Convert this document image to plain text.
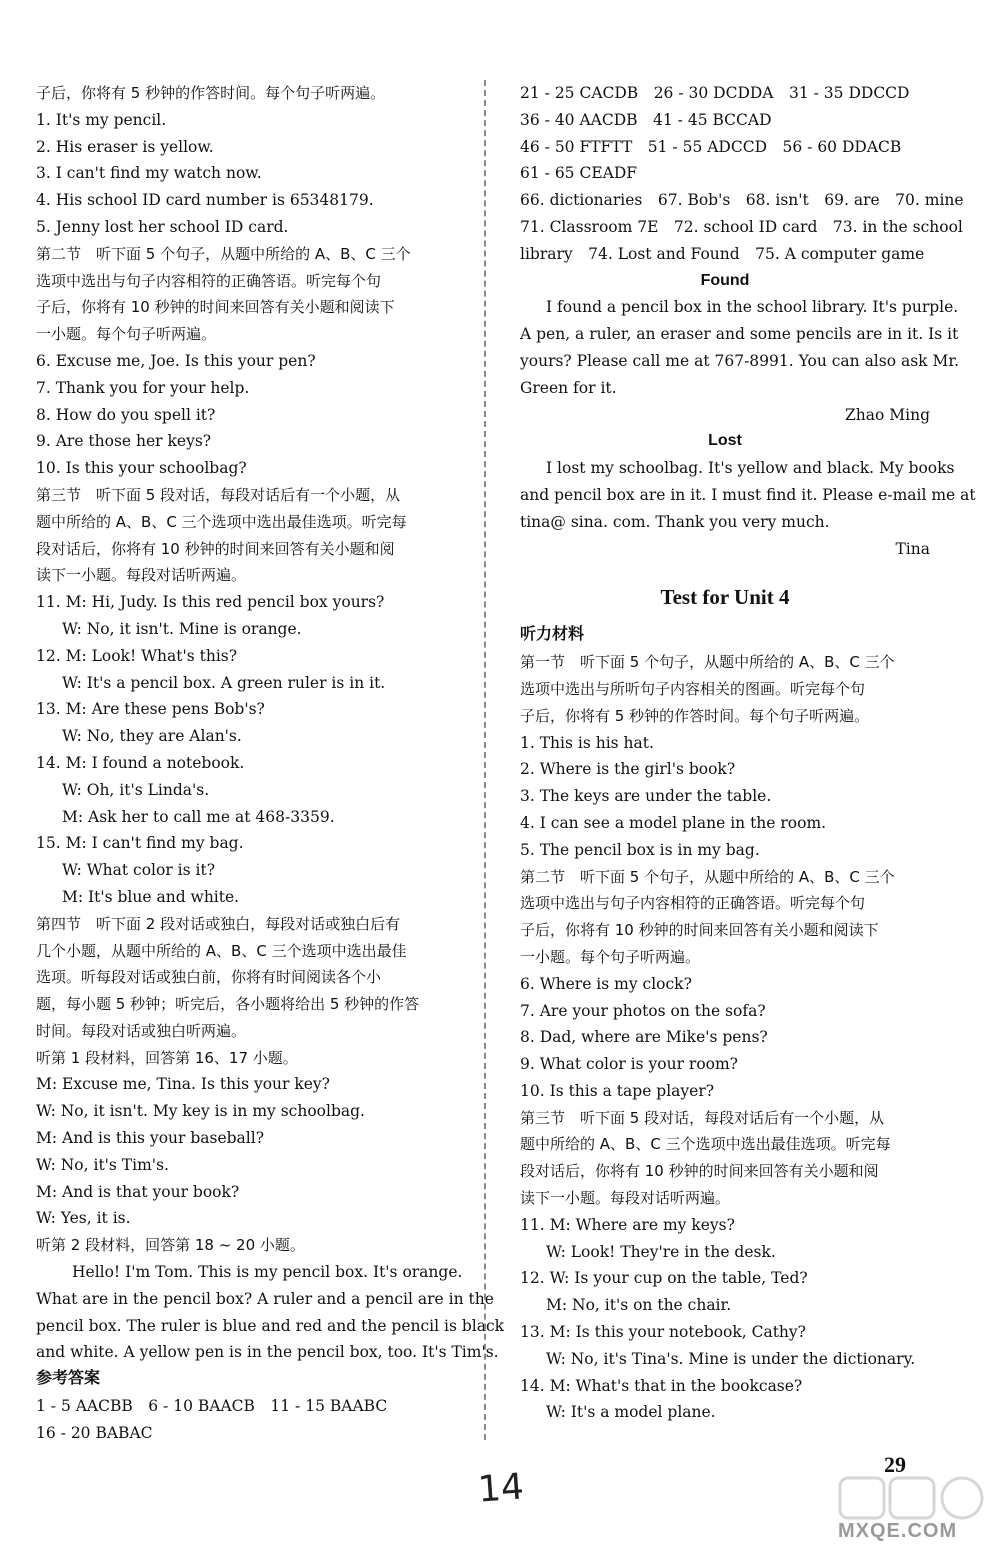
子后，你将有 5 秒钟的作答时间。每个句子听两遍。
1. It's my pencil.
2. His eraser is yellow.
3. I can't find my watch now.
4. His school ID card number is 65348179.
5. Jenny lost her school ID card.
第二节　听下面 5 个句子，从题中所给的 A、B、C 三个
选项中选出与句子内容相符的正确答语。听完每个句
子后，你将有 10 秒钟的时间来回答有关小题和阅读下
一小题。每个句子听两遍。
6. Excuse me, Joe. Is this your pen?
7. Thank you for your help.
8. How do you spell it?
9. Are those her keys?
10. Is this your schoolbag?
第三节　听下面 5 段对话，每段对话后有一个小题，从
题中所给的 A、B、C 三个选项中选出最佳选项。听完每
段对话后，你将有 10 秒钟的时间来回答有关小题和阅
读下一小题。每段对话听两遍。
11. M: Hi, Judy. Is this red pencil box yours?
W: No, it isn't. Mine is orange.
12. M: Look! What's this?
W: It's a pencil box. A green ruler is in it.
13. M: Are these pens Bob's?
W: No, they are Alan's.
14. M: I found a notebook.
W: Oh, it's Linda's.
M: Ask her to call me at 468-3359.
15. M: I can't find my bag.
W: What color is it?
M: It's blue and white.
第四节　听下面 2 段对话或独白，每段对话或独白后有
几个小题，从题中所给的 A、B、C 三个选项中选出最佳
选项。听每段对话或独白前，你将有时间阅读各个小
题，每小题 5 秒钟；听完后，各小题将给出 5 秒钟的作答
时间。每段对话或独白听两遍。
听第 1 段材料，回答第 16、17 小题。
M: Excuse me, Tina. Is this your key?
W: No, it isn't. My key is in my schoolbag.
M: And is this your baseball?
W: No, it's Tim's.
M: And is that your book?
W: Yes, it is.
听第 2 段材料，回答第 18 ~ 20 小题。
Hello! I'm Tom. This is my pencil box. It's orange.
What are in the pencil box? A ruler and a pencil are in the
pencil box. The ruler is blue and red and the pencil is black
and white. A yellow pen is in the pencil box, too. It's Tim's.
参考答案
1 - 5 AACBB　6 - 10 BAACB　11 - 15 BAABC
16 - 20 BABAC
21 - 25 CACDB　26 - 30 DCDDA　31 - 35 DDCCD
36 - 40 AACDB　41 - 45 BCCAD
46 - 50 FTFTT　51 - 55 ADCCD　56 - 60 DDACB
61 - 65 CEADF
66. dictionaries　67. Bob's　68. isn't　69. are　70. mine
71. Classroom 7E　72. school ID card　73. in the school
library　74. Lost and Found　75. A computer game
Found
I found a pencil box in the school library. It's purple.
A pen, a ruler, an eraser and some pencils are in it. Is it
yours? Please call me at 767-8991. You can also ask Mr.
Green for it.
Zhao Ming
Lost
I lost my schoolbag. It's yellow and black. My books
and pencil box are in it. I must find it. Please e-mail me at
tina@ sina. com. Thank you very much.
Tina
Test for Unit 4
听力材料
第一节　听下面 5 个句子，从题中所给的 A、B、C 三个
选项中选出与所听句子内容相关的图画。听完每个句
子后，你将有 5 秒钟的作答时间。每个句子听两遍。
1. This is his hat.
2. Where is the girl's book?
3. The keys are under the table.
4. I can see a model plane in the room.
5. The pencil box is in my bag.
第二节　听下面 5 个句子，从题中所给的 A、B、C 三个
选项中选出与句子内容相符的正确答语。听完每个句
子后，你将有 10 秒钟的时间来回答有关小题和阅读下
一小题。每个句子听两遍。
6. Where is my clock?
7. Are your photos on the sofa?
8. Dad, where are Mike's pens?
9. What color is your room?
10. Is this a tape player?
第三节　听下面 5 段对话，每段对话后有一个小题，从
题中所给的 A、B、C 三个选项中选出最佳选项。听完每
段对话后，你将有 10 秒钟的时间来回答有关小题和阅
读下一小题。每段对话听两遍。
11. M: Where are my keys?
W: Look! They're in the desk.
12. W: Is your cup on the table, Ted?
M: No, it's on the chair.
13. M: Is this your notebook, Cathy?
W: No, it's Tina's. Mine is under the dictionary.
14. M: What's that in the bookcase?
W: It's a model plane.
29
14
MXQE.COM
